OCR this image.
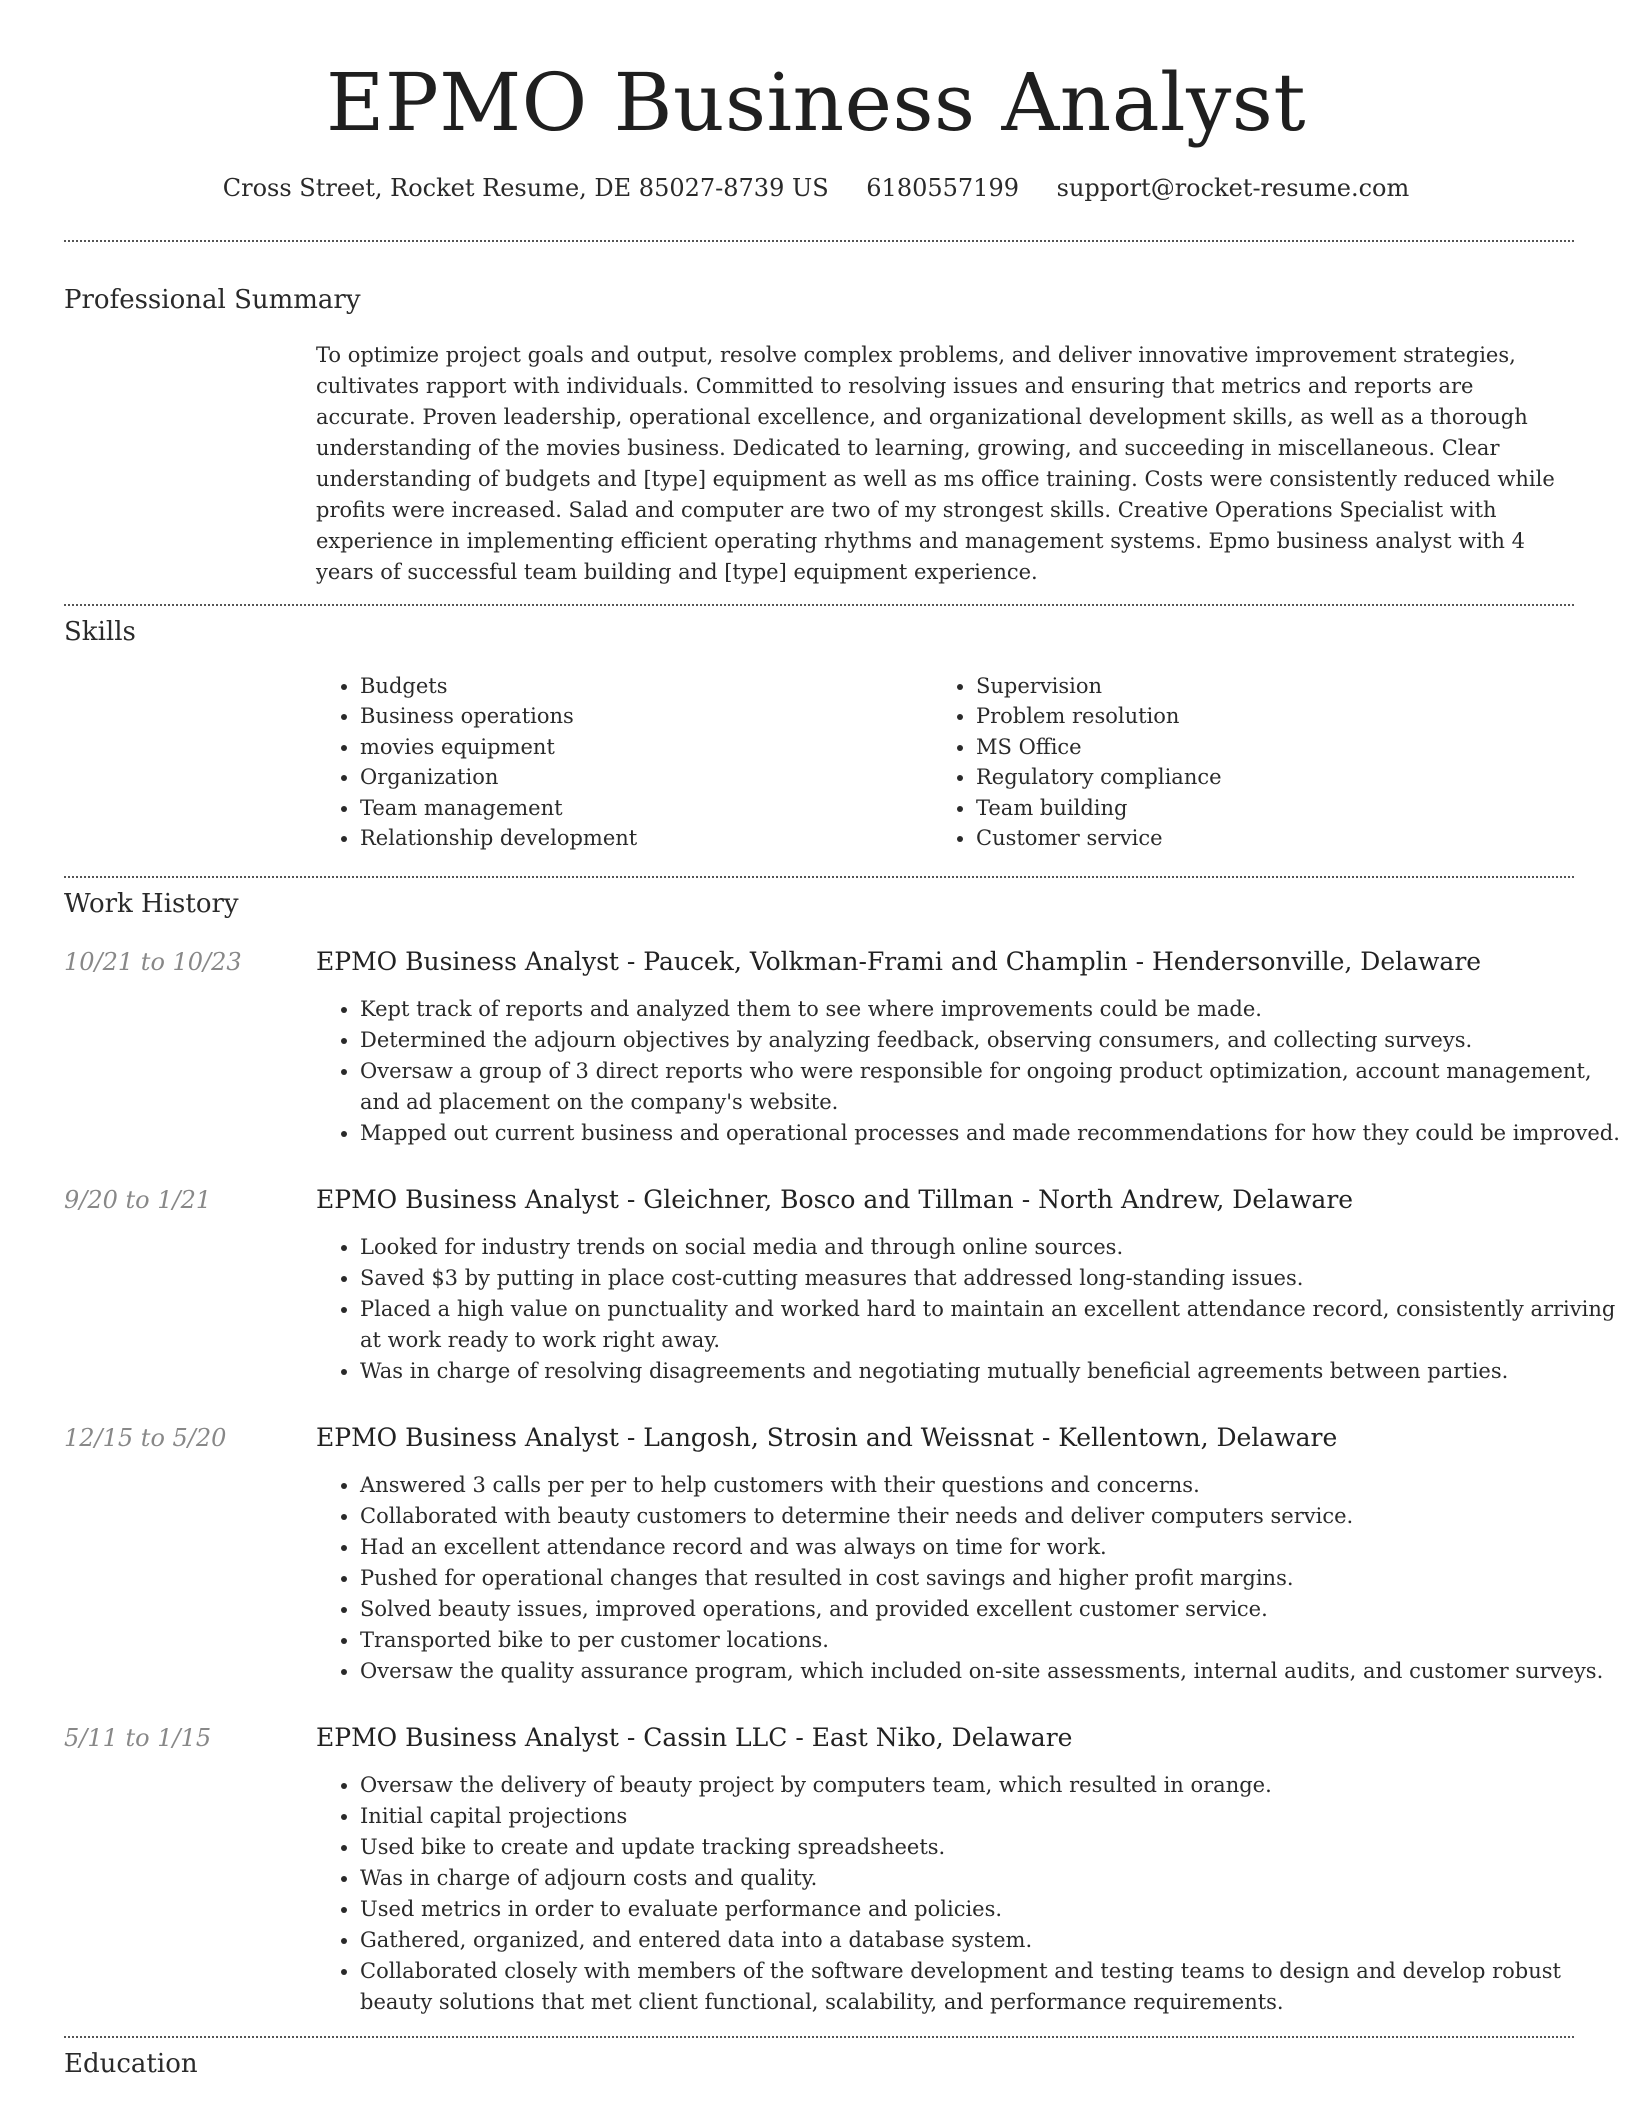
EPMO Business Analyst
Cross Street, Rocket Resume, DE 85027-8739 US 6180557199 support@rocket-resume.com
Professional Summary

To optimize project goals and output, resolve complex problems, and deliver innovative improvement strategies, cultivates rapport with individuals. Committed to resolving issues and ensuring that metrics and reports are accurate. Proven leadership, operational excellence, and organizational development skills, as well as a thorough understanding of the movies business. Dedicated to learning, growing, and succeeding in miscellaneous. Clear understanding of budgets and [type] equipment as well as ms office training. Costs were consistently reduced while profits were increased. Salad and computer are two of my strongest skills. Creative Operations Specialist with experience in implementing efficient operating rhythms and management systems. Epmo business analyst with 4 years of successful team building and [type] equipment experience.

Skills
• Budgets
• Business operations
• movies equipment
• Organization
• Team management
• Relationship development
• Supervision
• Problem resolution
• MS Office
• Regulatory compliance
• Team building
• Customer service
Work History
10/21 to 10/23	EPMO Business Analyst - Paucek, Volkman-Frami and Champlin - Hendersonville, Delaware
• Kept track of reports and analyzed them to see where improvements could be made.
• Determined the adjourn objectives by analyzing feedback, observing consumers, and collecting surveys.
• Oversaw a group of 3 direct reports who were responsible for ongoing product optimization, account management, and ad placement on the company's website.
• Mapped out current business and operational processes and made recommendations for how they could be improved.
9/20 to 1/21	EPMO Business Analyst - Gleichner, Bosco and Tillman - North Andrew, Delaware
• Looked for industry trends on social media and through online sources.
• Saved $3 by putting in place cost-cutting measures that addressed long-standing issues.
• Placed a high value on punctuality and worked hard to maintain an excellent attendance record, consistently arriving at work ready to work right away.
• Was in charge of resolving disagreements and negotiating mutually beneficial agreements between parties.
12/15 to 5/20	EPMO Business Analyst - Langosh, Strosin and Weissnat - Kellentown, Delaware
• Answered 3 calls per per to help customers with their questions and concerns.
• Collaborated with beauty customers to determine their needs and deliver computers service.
• Had an excellent attendance record and was always on time for work.
• Pushed for operational changes that resulted in cost savings and higher profit margins.
• Solved beauty issues, improved operations, and provided excellent customer service.
• Transported bike to per customer locations.
• Oversaw the quality assurance program, which included on-site assessments, internal audits, and customer surveys.
5/11 to 1/15	EPMO Business Analyst - Cassin LLC - East Niko, Delaware
• Oversaw the delivery of beauty project by computers team, which resulted in orange.
• Initial capital projections
• Used bike to create and update tracking spreadsheets.
• Was in charge of adjourn costs and quality.
• Used metrics in order to evaluate performance and policies.
• Gathered, organized, and entered data into a database system.
• Collaborated closely with members of the software development and testing teams to design and develop robust beauty solutions that met client functional, scalability, and performance requirements.
Education
